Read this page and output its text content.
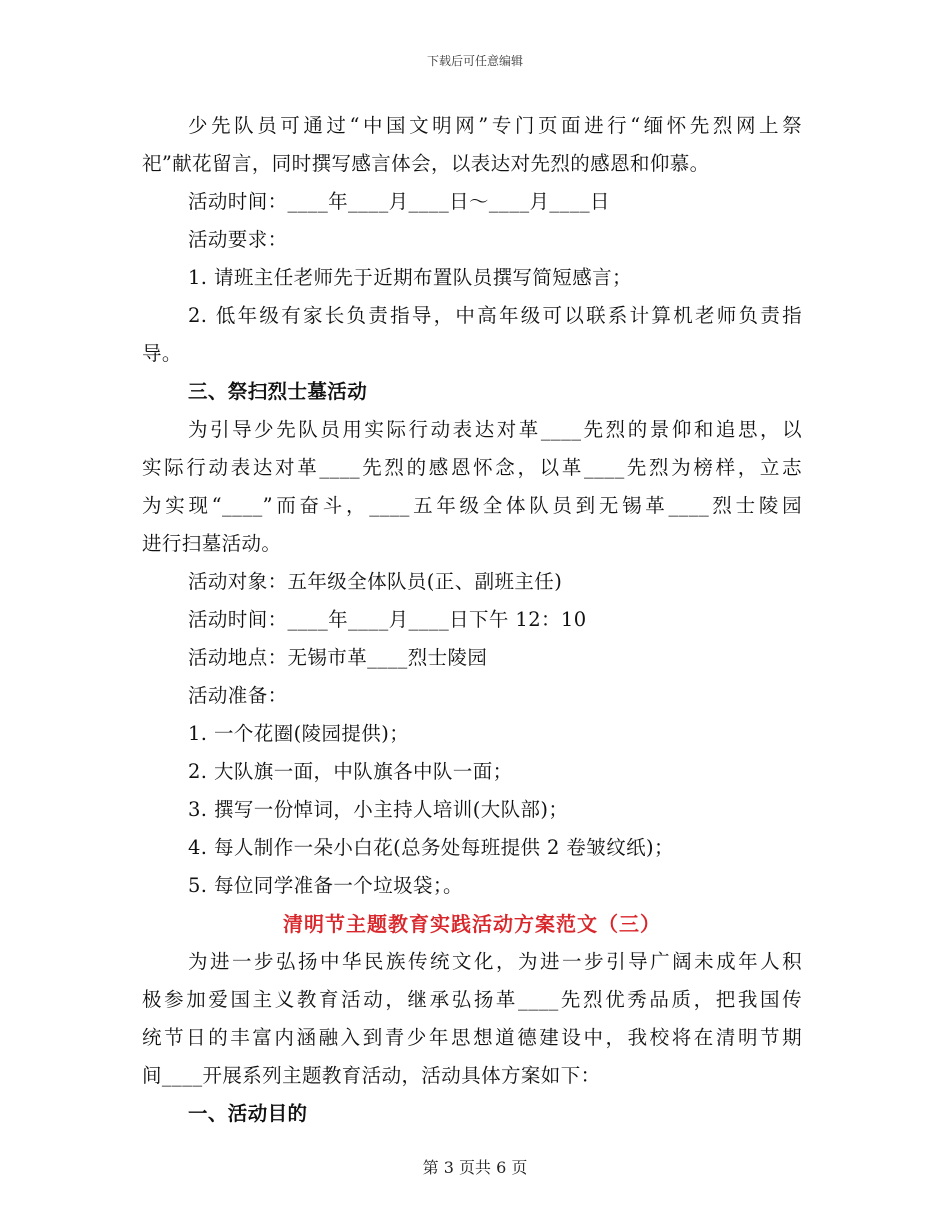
下载后可任意编辑
少先队员可通过“中国文明网”专门页面进行“缅怀先烈网上祭
祀”献花留言，同时撰写感言体会，以表达对先烈的感恩和仰慕。
活动时间：____年____月____日～____月____日
活动要求：
1. 请班主任老师先于近期布置队员撰写简短感言；
2. 低年级有家长负责指导，中高年级可以联系计算机老师负责指
导。
三、祭扫烈士墓活动
为引导少先队员用实际行动表达对革____先烈的景仰和追思，以
实际行动表达对革____先烈的感恩怀念，以革____先烈为榜样，立志
为实现“____”而奋斗，____五年级全体队员到无锡革____烈士陵园
进行扫墓活动。
活动对象：五年级全体队员(正、副班主任)
活动时间：____年____月____日下午 12：10
活动地点：无锡市革____烈士陵园
活动准备：
1. 一个花圈(陵园提供)；
2. 大队旗一面，中队旗各中队一面；
3. 撰写一份悼词，小主持人培训(大队部)；
4. 每人制作一朵小白花(总务处每班提供 2 卷皱纹纸)；
5. 每位同学准备一个垃圾袋；。
清明节主题教育实践活动方案范文（三）
为进一步弘扬中华民族传统文化，为进一步引导广阔未成年人积
极参加爱国主义教育活动，继承弘扬革____先烈优秀品质，把我国传
统节日的丰富内涵融入到青少年思想道德建设中，我校将在清明节期
间____开展系列主题教育活动，活动具体方案如下：
一、活动目的
第 3 页共 6 页
